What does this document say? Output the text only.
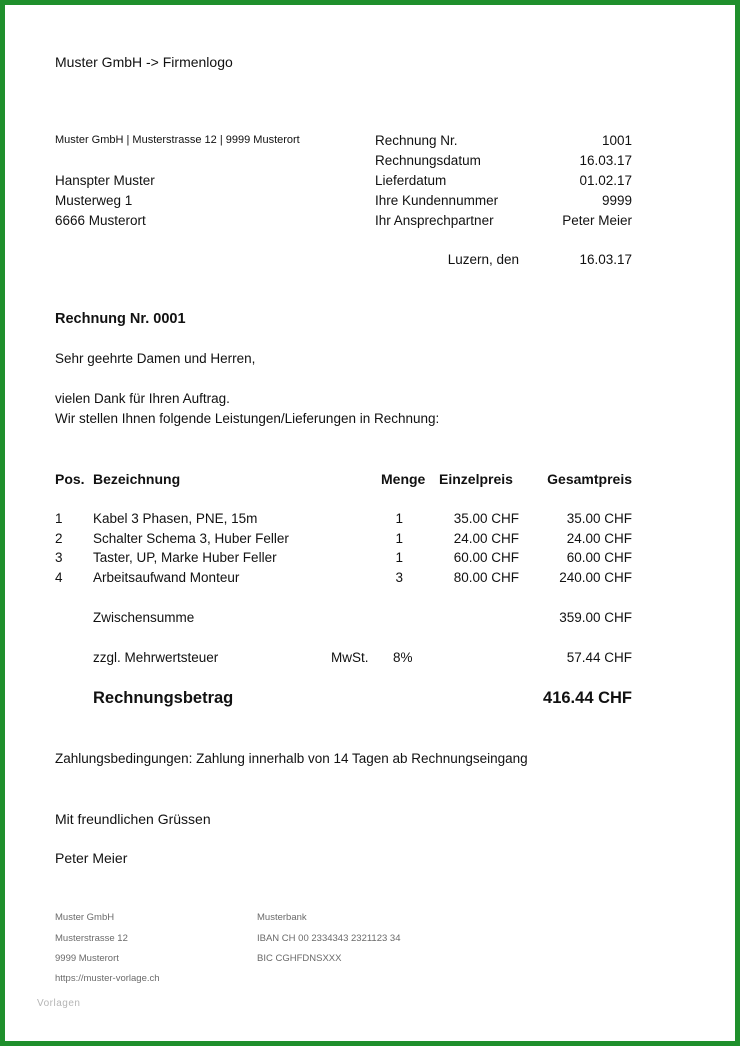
Muster GmbH -> Firmenlogo
Muster GmbH | Musterstrasse 12 | 9999 Musterort
Hanspter Muster
Musterweg 1
6666 Musterort
Rechnung Nr.	1001
Rechnungsdatum	16.03.17
Lieferdatum	01.02.17
Ihre Kundennummer	9999
Ihr Ansprechpartner	Peter Meier
Luzern, den	16.03.17
Rechnung Nr. 0001
Sehr geehrte Damen und Herren,
vielen Dank für Ihren Auftrag.
Wir stellen Ihnen folgende Leistungen/Lieferungen in Rechnung:
Pos. Bezeichnung	Menge Einzelpreis Gesamtpreis
1 Kabel 3 Phasen, PNE, 15m	1	35.00 CHF	35.00 CHF
2 Schalter Schema 3, Huber Feller	1	24.00 CHF	24.00 CHF
3 Taster, UP, Marke Huber Feller	1	60.00 CHF	60.00 CHF
4 Arbeitsaufwand Monteur	3	80.00 CHF	240.00 CHF
Zwischensumme	359.00 CHF
zzgl. Mehrwertsteuer	MwSt. 8%	57.44 CHF
Rechnungsbetrag	416.44 CHF
Zahlungsbedingungen: Zahlung innerhalb von 14 Tagen ab Rechnungseingang
Mit freundlichen Grüssen
Peter Meier
Muster GmbH
Musterstrasse 12
9999 Musterort
https://muster-vorlage.ch
Musterbank
IBAN CH 00 2334343 2321123 34
BIC CGHFDNSXXX
Vorlagen
